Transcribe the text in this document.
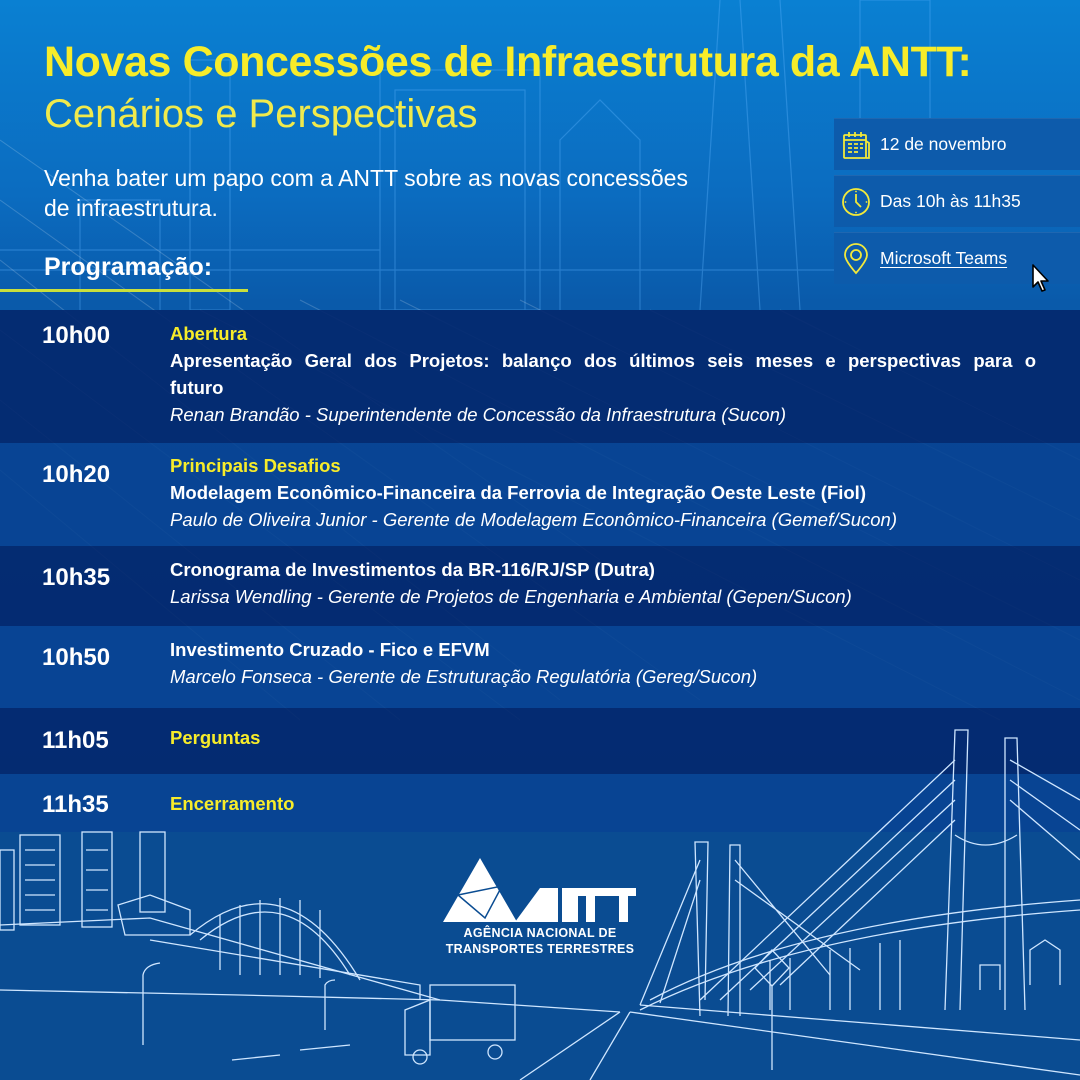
Novas Concessões de Infraestrutura da ANTT:
Cenários e Perspectivas
Venha bater um papo com a ANTT sobre as novas concessões de infraestrutura.
Programação:
12 de novembro
Das 10h às 11h35
Microsoft Teams
10h00	Abertura
Apresentação Geral dos Projetos: balanço dos últimos seis meses e perspectivas para o futuro
Renan Brandão - Superintendente de Concessão da Infraestrutura (Sucon)
10h20	Principais Desafios
Modelagem Econômico-Financeira da Ferrovia de Integração Oeste Leste (Fiol)
Paulo de Oliveira Junior - Gerente de Modelagem Econômico-Financeira (Gemef/Sucon)
10h35	Cronograma de Investimentos da BR-116/RJ/SP (Dutra)
Larissa Wendling - Gerente de Projetos de Engenharia e Ambiental (Gepen/Sucon)
10h50	Investimento Cruzado - Fico e EFVM
Marcelo Fonseca - Gerente de Estruturação Regulatória (Gereg/Sucon)
11h05	Perguntas
11h35	Encerramento
AGÊNCIA NACIONAL DE
TRANSPORTES TERRESTRES
